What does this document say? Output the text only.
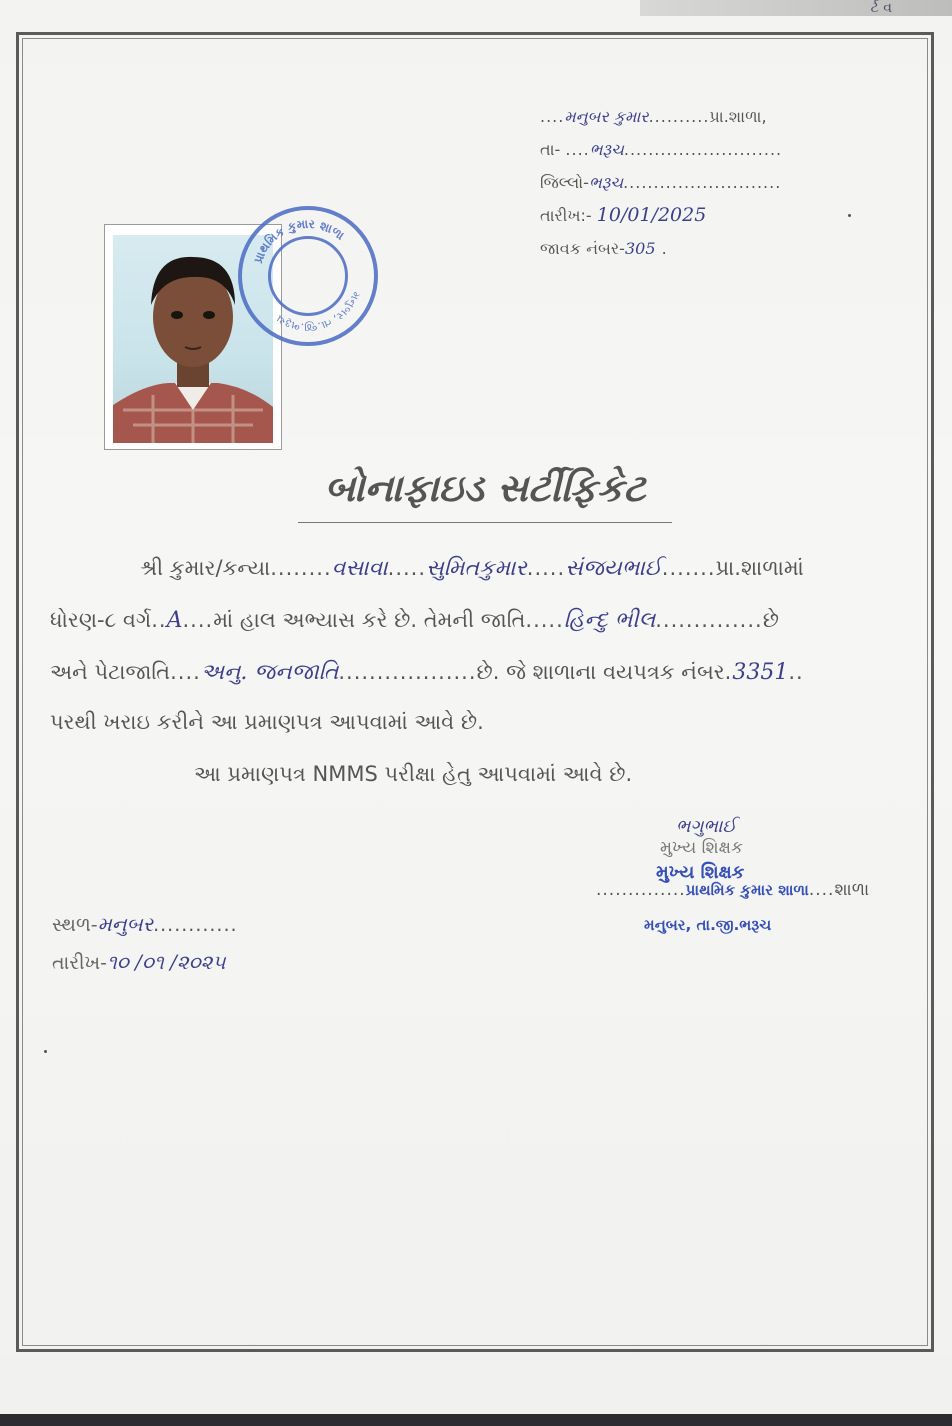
ર્ટ વ
....મનુબર કુમાર..........પ્રા.શાળા,
તા- ....ભરૂચ..........................
જિલ્લો-ભરૂચ..........................
તારીખ:- 10/01/2025
જાવક નંબર-305 .
પ્રાથમિક કુમાર શાળા
મનુબર, તા.જી.ભરૂચ
બોનાફાઇડ સર્ટીફિકેટ
શ્રી કુમાર/કન્યા........વસાવા.....સુમિતકુમાર.....સંજયભાઈ.......પ્રા.શાળામાં
ધોરણ-૮ વર્ગ..A....માં હાલ અભ્યાસ કરે છે. તેમની જાતિ.....હિન્દુ ભીલ..............છે
અને પેટાજાતિ....અનુ. જનજાતિ..................છે. જે શાળાના વયપત્રક નંબર.3351..
પરથી ખરાઇ કરીને આ પ્રમાણપત્ર આપવામાં આવે છે.
આ પ્રમાણપત્ર NMMS પરીક્ષા હેતુ આપવામાં આવે છે.
ભગુભાઈ
મુખ્ય શિક્ષક
મુખ્ય શિક્ષક
..............પ્રાથમિક કુમાર શાળા....શાળા
મનુબર, તા.જી.ભરૂચ
સ્થળ-મનુબર............
તારીખ-૧૦ /૦૧ /૨૦૨૫
